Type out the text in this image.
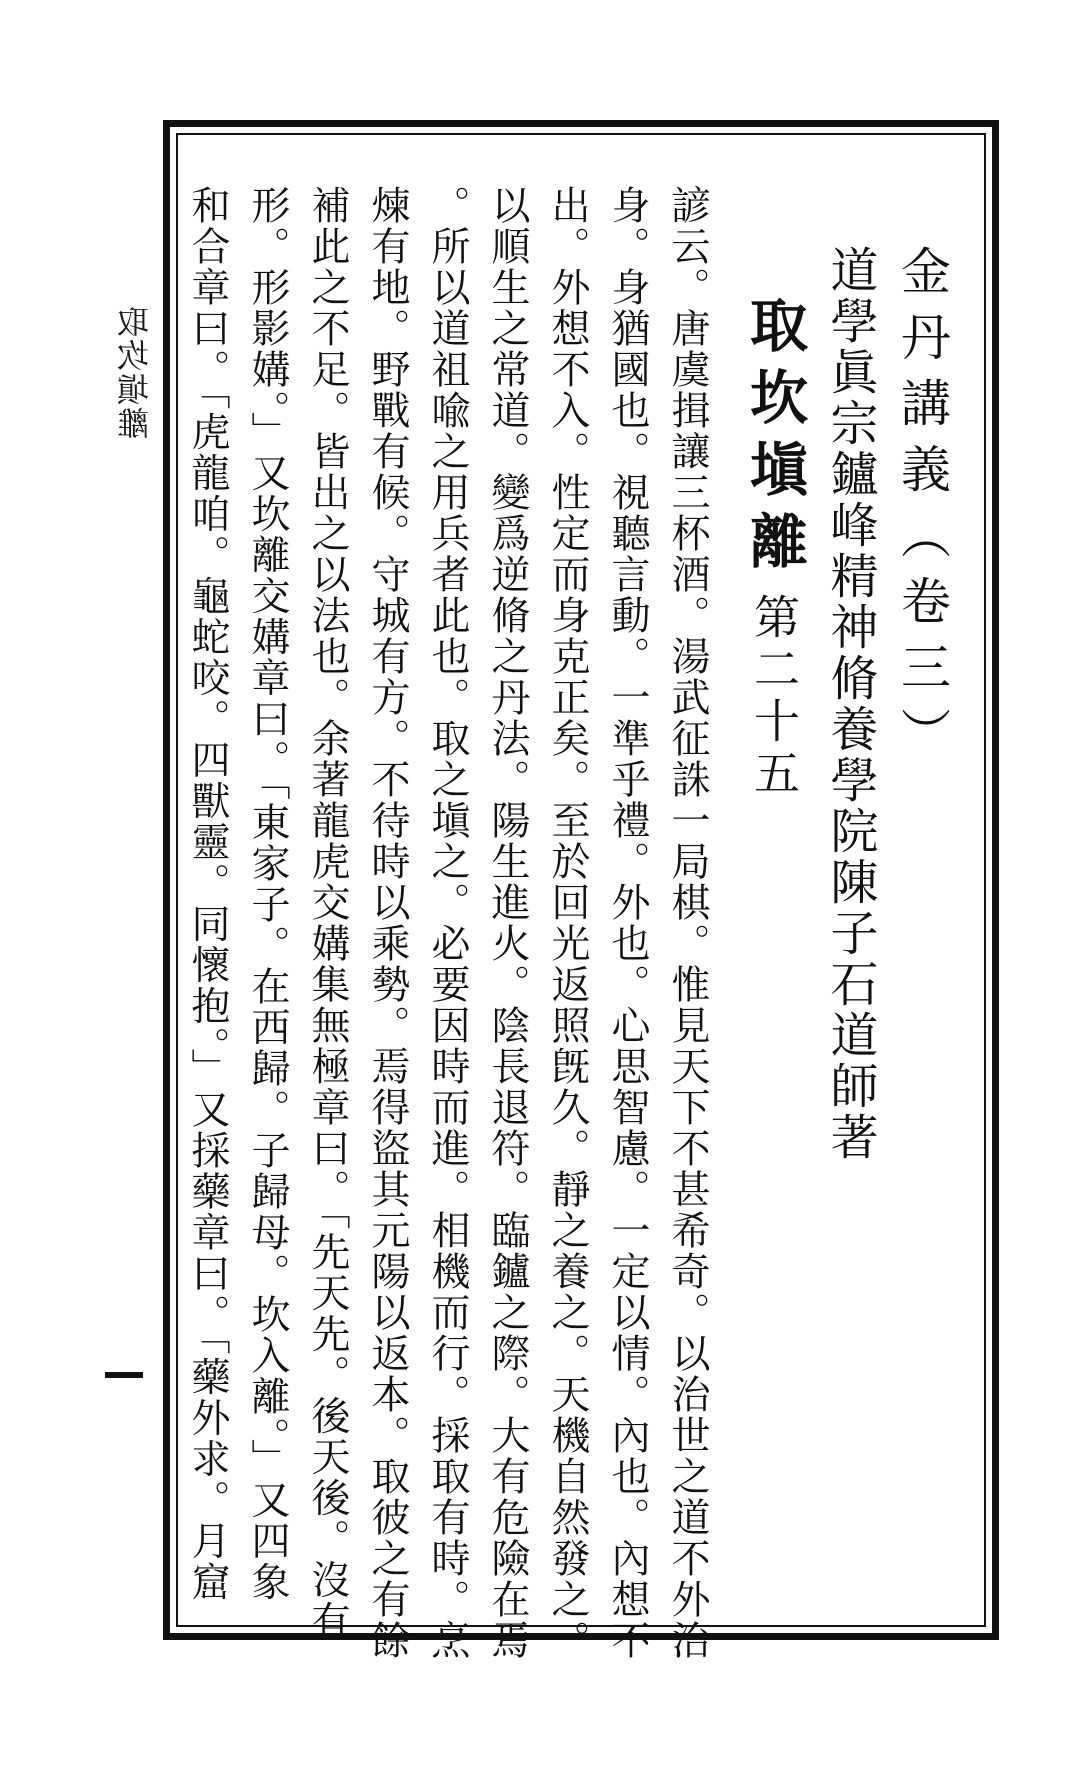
取坎塡離	金丹講義（卷三）
道學眞宗鑪峰精神脩養學院陳子石道師著
取坎塡離第二十五
諺云。唐虞揖讓三杯酒。湯武征誅一局棋。惟見天下不甚希奇。以治世之道不外治
身。身猶國也。視聽言動。一準乎禮。外也。心思智慮。一定以情。內也。內想不
出。外想不入。性定而身克正矣。至於回光返照旣久。靜之養之。天機自然發之。
以順生之常道。變爲逆脩之丹法。陽生進火。陰長退符。臨鑪之際。大有危險在焉
。所以道祖喩之用兵者此也。取之塡之。必要因時而進。相機而行。採取有時。烹
煉有地。野戰有候。守城有方。不待時以乘勢。焉得盜其元陽以返本。取彼之有餘
補此之不足。皆出之以法也。余著龍虎交媾集無極章曰。「先天先。後天後。沒有
形。形影媾。」又坎離交媾章曰。「東家子。在西歸。子歸母。坎入離。」又四象
和合章曰。「虎龍咱。龜蛇咬。四獸靈。同懷抱。」又採藥章曰。「藥外求。月窟
